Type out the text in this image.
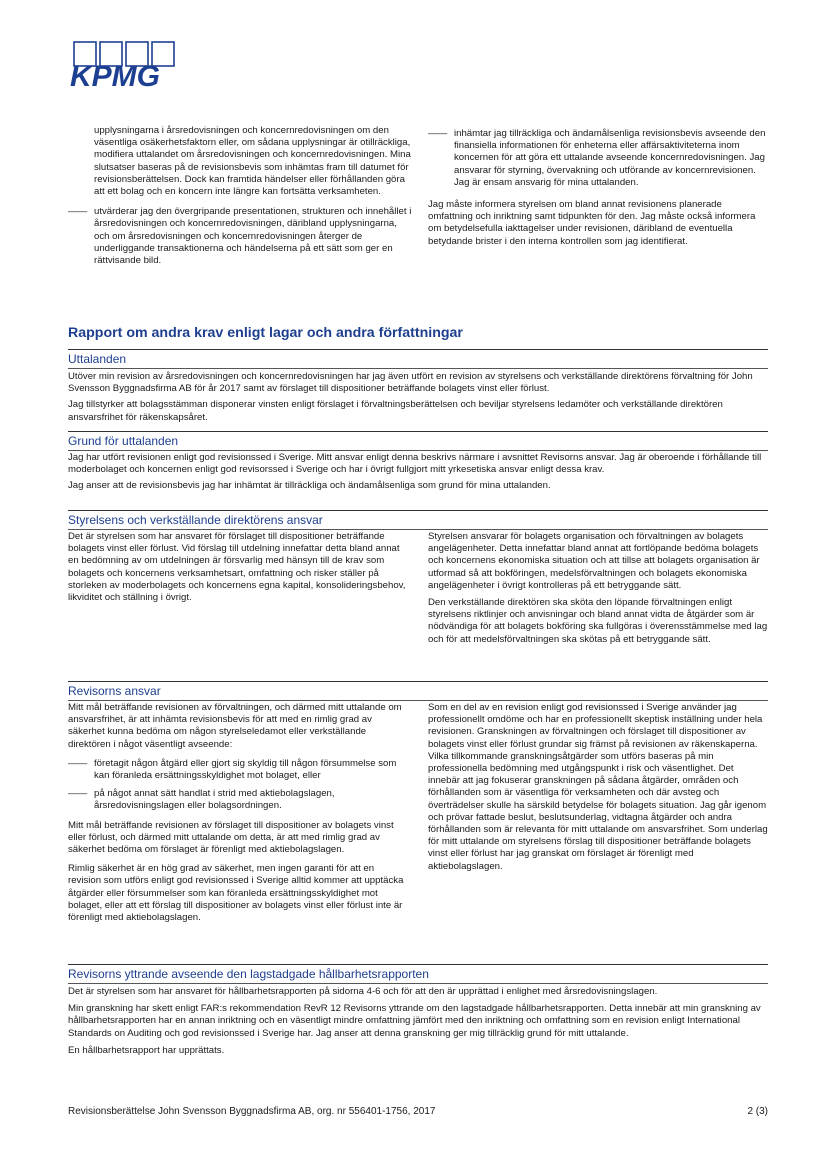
KPMG

upplysningarna i årsredovisningen och koncernredovisningen om den väsentliga osäkerhetsfaktorn eller, om sådana upplysningar är otillräckliga, modifiera uttalandet om årsredovisningen och koncernredovisningen. Mina slutsatser baseras på de revisionsbevis som inhämtas fram till datumet för revisionsberättelsen. Dock kan framtida händelser eller förhållanden göra att ett bolag och en koncern inte längre kan fortsätta verksamheten.

—— utvärderar jag den övergripande presentationen, strukturen och innehållet i årsredovisningen och koncernredovisningen, däribland upplysningarna, och om årsredovisningen och koncernredovisningen återger de underliggande transaktionerna och händelserna på ett sätt som ger en rättvisande bild.
—— inhämtar jag tillräckliga och ändamålsenliga revisionsbevis avseende den finansiella informationen för enheterna eller affärsaktiviteterna inom koncernen för att göra ett uttalande avseende koncernredovisningen. Jag ansvarar för styrning, övervakning och utförande av koncernrevisionen. Jag är ensam ansvarig för mina uttalanden.

Jag måste informera styrelsen om bland annat revisionens planerade omfattning och inriktning samt tidpunkten för den. Jag måste också informera om betydelsefulla iakttagelser under revisionen, däribland de eventuella betydande brister i den interna kontrollen som jag identifierat.

Rapport om andra krav enligt lagar och andra författningar
Uttalanden

Utöver min revision av årsredovisningen och koncernredovisningen har jag även utfört en revision av styrelsens och verkställande direktörens förvaltning för John Svensson Byggnadsfirma AB för år 2017 samt av förslaget till dispositioner beträffande bolagets vinst eller förlust.

Jag tillstyrker att bolagsstämman disponerar vinsten enligt förslaget i förvaltningsberättelsen och beviljar styrelsens ledamöter och verkställande direktören ansvarsfrihet för räkenskapsåret.

Grund för uttalanden

Jag har utfört revisionen enligt god revisionssed i Sverige. Mitt ansvar enligt denna beskrivs närmare i avsnittet Revisorns ansvar. Jag är oberoende i förhållande till moderbolaget och koncernen enligt god revisorssed i Sverige och har i övrigt fullgjort mitt yrkesetiska ansvar enligt dessa krav.

Jag anser att de revisionsbevis jag har inhämtat är tillräckliga och ändamålsenliga som grund för mina uttalanden.

Styrelsens och verkställande direktörens ansvar

Det är styrelsen som har ansvaret för förslaget till dispositioner beträffande bolagets vinst eller förlust. Vid förslag till utdelning innefattar detta bland annat en bedömning av om utdelningen är försvarlig med hänsyn till de krav som bolagets och koncernens verksamhetsart, omfattning och risker ställer på storleken av moderbolagets och koncernens egna kapital, konsolideringsbehov, likviditet och ställning i övrigt.

Styrelsen ansvarar för bolagets organisation och förvaltningen av bolagets angelägenheter. Detta innefattar bland annat att fortlöpande bedöma bolagets och koncernens ekonomiska situation och att tillse att bolagets organisation är utformad så att bokföringen, medelsförvaltningen och bolagets ekonomiska angelägenheter i övrigt kontrolleras på ett betryggande sätt.

Den verkställande direktören ska sköta den löpande förvaltningen enligt styrelsens riktlinjer och anvisningar och bland annat vidta de åtgärder som är nödvändiga för att bolagets bokföring ska fullgöras i överensstämmelse med lag och för att medelsförvaltningen ska skötas på ett betryggande sätt.

Revisorns ansvar

Mitt mål beträffande revisionen av förvaltningen, och därmed mitt uttalande om ansvarsfrihet, är att inhämta revisionsbevis för att med en rimlig grad av säkerhet kunna bedöma om någon styrelseledamot eller verkställande direktören i något väsentligt avseende:

—— företagit någon åtgärd eller gjort sig skyldig till någon försummelse som kan föranleda ersättningsskyldighet mot bolaget, eller
—— på något annat sätt handlat i strid med aktiebolagslagen, årsredovisningslagen eller bolagsordningen.

Mitt mål beträffande revisionen av förslaget till dispositioner av bolagets vinst eller förlust, och därmed mitt uttalande om detta, är att med rimlig grad av säkerhet bedöma om förslaget är förenligt med aktiebolagslagen.

Rimlig säkerhet är en hög grad av säkerhet, men ingen garanti för att en revision som utförs enligt god revisionssed i Sverige alltid kommer att upptäcka åtgärder eller försummelser som kan föranleda ersättningsskyldighet mot bolaget, eller att ett förslag till dispositioner av bolagets vinst eller förlust inte är förenligt med aktiebolagslagen.

Som en del av en revision enligt god revisionssed i Sverige använder jag professionellt omdöme och har en professionellt skeptisk inställning under hela revisionen. Granskningen av förvaltningen och förslaget till dispositioner av bolagets vinst eller förlust grundar sig främst på revisionen av räkenskaperna. Vilka tillkommande granskningsåtgärder som utförs baseras på min professionella bedömning med utgångspunkt i risk och väsentlighet. Det innebär att jag fokuserar granskningen på sådana åtgärder, områden och förhållanden som är väsentliga för verksamheten och där avsteg och överträdelser skulle ha särskild betydelse för bolagets situation. Jag går igenom och prövar fattade beslut, beslutsunderlag, vidtagna åtgärder och andra förhållanden som är relevanta för mitt uttalande om ansvarsfrihet. Som underlag för mitt uttalande om styrelsens förslag till dispositioner beträffande bolagets vinst eller förlust har jag granskat om förslaget är förenligt med aktiebolagslagen.

Revisorns yttrande avseende den lagstadgade hållbarhetsrapporten

Det är styrelsen som har ansvaret för hållbarhetsrapporten på sidorna 4-6 och för att den är upprättad i enlighet med årsredovisningslagen.

Min granskning har skett enligt FAR:s rekommendation RevR 12 Revisorns yttrande om den lagstadgade hållbarhetsrapporten. Detta innebär att min granskning av hållbarhetsrapporten har en annan inriktning och en väsentligt mindre omfattning jämfört med den inriktning och omfattning som en revision enligt International Standards on Auditing och god revisionssed i Sverige har. Jag anser att denna granskning ger mig tillräcklig grund för mitt uttalande.

En hållbarhetsrapport har upprättats.

Revisionsberättelse John Svensson Byggnadsfirma AB, org. nr 556401-1756, 2017	2 (3)
